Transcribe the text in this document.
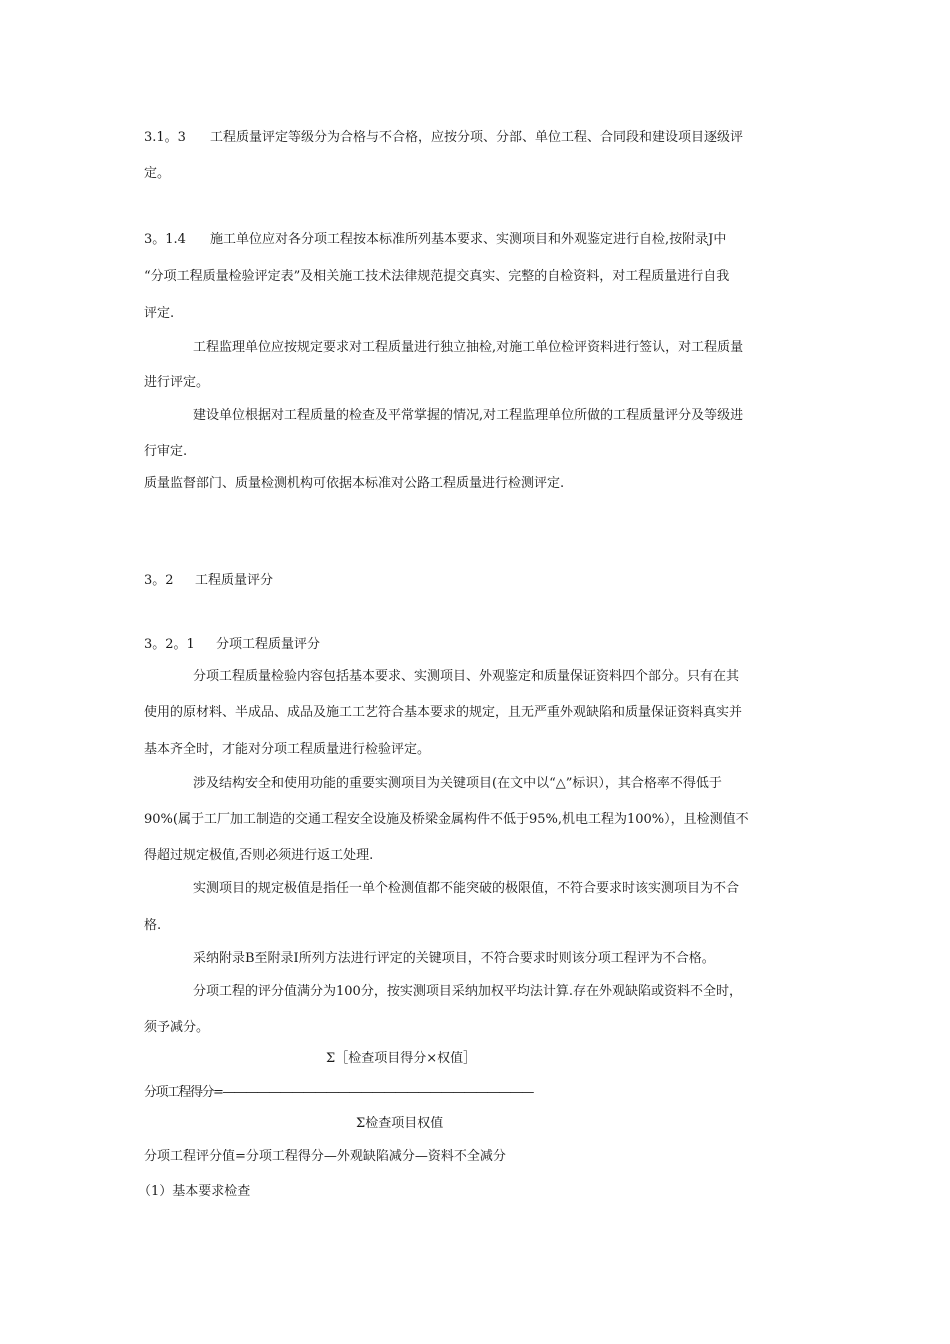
3.1。3 工程质量评定等级分为合格与不合格，应按分项、分部、单位工程、合同段和建设项目逐级评
定。
3。1.4 施工单位应对各分项工程按本标准所列基本要求、实测项目和外观鉴定进行自检,按附录J中
“分项工程质量检验评定表”及相关施工技术法律规范提交真实、完整的自检资料，对工程质量进行自我
评定.
工程监理单位应按规定要求对工程质量进行独立抽检,对施工单位检评资料进行签认，对工程质量
进行评定。
建设单位根据对工程质量的检查及平常掌握的情况,对工程监理单位所做的工程质量评分及等级进
行审定.
质量监督部门、质量检测机构可依据本标准对公路工程质量进行检测评定.
3。2 工程质量评分
3。2。1 分项工程质量评分
分项工程质量检验内容包括基本要求、实测项目、外观鉴定和质量保证资料四个部分。只有在其
使用的原材料、半成品、成品及施工工艺符合基本要求的规定，且无严重外观缺陷和质量保证资料真实并
基本齐全时，才能对分项工程质量进行检验评定。
涉及结构安全和使用功能的重要实测项目为关键项目(在文中以“△”标识），其合格率不得低于
90%(属于工厂加工制造的交通工程安全设施及桥梁金属构件不低于95%,机电工程为100%），且检测值不
得超过规定极值,否则必须进行返工处理.
实测项目的规定极值是指任一单个检测值都不能突破的极限值，不符合要求时该实测项目为不合
格.
采纳附录B至附录I所列方法进行评定的关键项目，不符合要求时则该分项工程评为不合格。
分项工程的评分值满分为100分，按实测项目采纳加权平均法计算.存在外观缺陷或资料不全时，
须予减分。
Σ［检查项目得分×权值］
分项工程得分=———————————————————————————
Σ检查项目权值
分项工程评分值=分项工程得分—外观缺陷减分—资料不全减分
（1）基本要求检查
